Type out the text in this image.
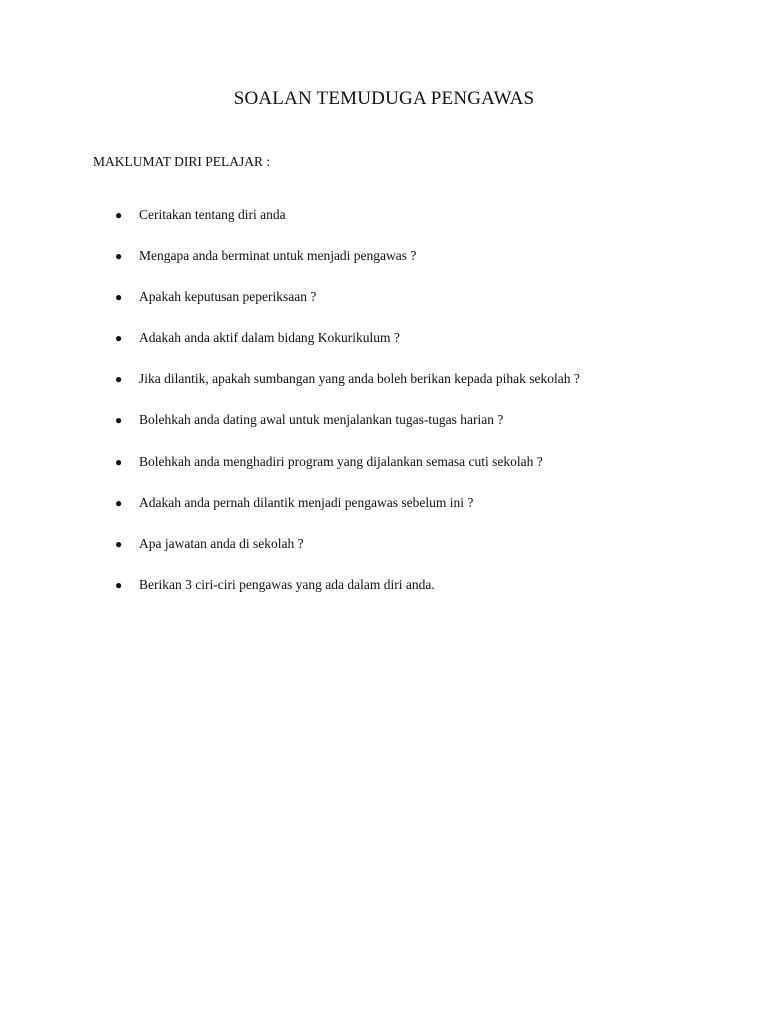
SOALAN TEMUDUGA PENGAWAS

MAKLUMAT DIRI PELAJAR :

● Ceritakan tentang diri anda
● Mengapa anda berminat untuk menjadi pengawas ?
● Apakah keputusan peperiksaan ?
● Adakah anda aktif dalam bidang Kokurikulum ?
● Jika dilantik, apakah sumbangan yang anda boleh berikan kepada pihak sekolah ?
● Bolehkah anda dating awal untuk menjalankan tugas-tugas harian ?
● Bolehkah anda menghadiri program yang dijalankan semasa cuti sekolah ?
● Adakah anda pernah dilantik menjadi pengawas sebelum ini ?
● Apa jawatan anda di sekolah ?
● Berikan 3 ciri-ciri pengawas yang ada dalam diri anda.
